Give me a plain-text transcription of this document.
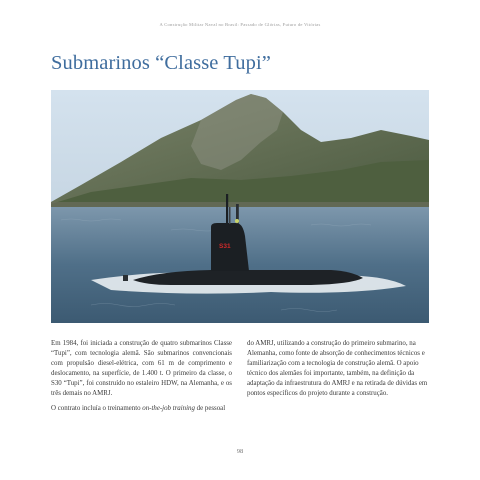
A Construção Militar Naval no Brasil: Passado de Glórias, Futuro de Vitórias
Submarinos “Classe Tupi”
S31

Em 1984, foi iniciada a construção de quatro submarinos Classe “Tupi”, com tecnologia alemã. São submarinos convencionais com propulsão diesel-elétrica, com 61 m de comprimento e deslocamento, na superfície, de 1.400 t. O primeiro da classe, o S30 “Tupi”, foi construído no estaleiro HDW, na Alemanha, e os três demais no AMRJ.

O contrato incluía o treinamento on-the-job training de pessoal

do AMRJ, utilizando a construção do primeiro submarino, na Alemanha, como fonte de absorção de conhecimentos técnicos e familiarização com a tecnologia de construção alemã. O apoio técnico dos alemães foi importante, também, na definição da adaptação da infraestrutura do AMRJ e na retirada de dúvidas em pontos específicos do projeto durante a construção.

98
